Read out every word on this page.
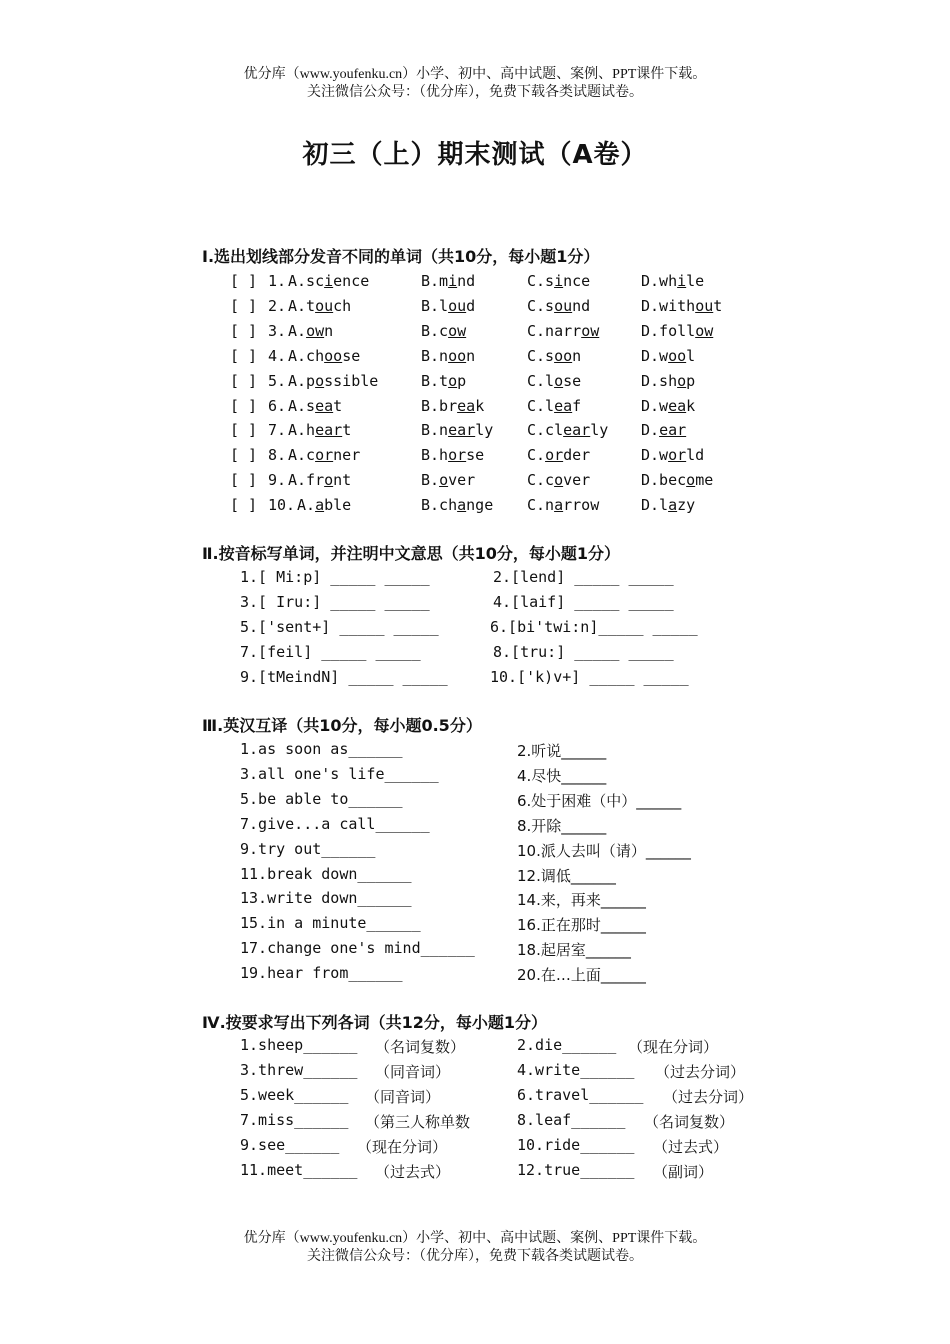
优分库（www.youfenku.cn）小学、初中、高中试题、案例、PPT课件下载。
关注微信公众号：（优分库），免费下载各类试题试卷。
初三（上）期末测试（A卷）
Ⅰ.选出划线部分发音不同的单词（共10分，每小题1分）
[ ] 1. A.science	B.mind	C.since	D.while
[ ] 2. A.touch	B.loud	C.sound	D.without
[ ] 3. A.own	B.cow	C.narrow	D.follow
[ ] 4. A.choose	B.noon	C.soon	D.wool
[ ] 5. A.possible	B.top	C.lose	D.shop
[ ] 6. A.seat	B.break	C.leaf	D.weak
[ ] 7. A.heart	B.nearly C.clearly D.ear
[ ] 8. A.corner	B.horse	C.order	D.world
[ ] 9. A.front	B.over	C.cover	D.become
[ ] 10. A.able	B.change C.narrow	D.lazy
Ⅱ.按音标写单词，并注明中文意思（共10分，每小题1分）
1.[ Mi:p] _____ _____	2.[lend] _____ _____
3.[ Iru:] _____ _____	4.[laif] _____ _____
5.['sent+] _____ _____	6.[bi'twi:n]_____ _____
7.[feil] _____ _____	8.[tru:] _____ _____
9.[tMeindN] _____ _____	10.['k)v+] _____ _____
Ⅲ.英汉互译（共10分，每小题0.5分）
1.as soon as______	2.听说______
3.all one's life______	4.尽快______
5.be able to______	6.处于困难（中）______
7.give...a call______	8.开除______
9.try out______	10.派人去叫（请）______
11.break down______	12.调低______
13.write down______	14.来，再来______
15.in a minute______	16.正在那时______
17.change one's mind______	18.起居室______
19.hear from______	20.在…上面______
Ⅳ.按要求写出下列各词（共12分，每小题1分）
1.sheep______ （名词复数）	2.die______ （现在分词）
3.threw______ （同音词）	4.write______ （过去分词）
5.week______ （同音词）	6.travel______ （过去分词）
7.miss______ （第三人称单数	8.leaf______ （名词复数）
9.see______ （现在分词）	10.ride______ （过去式）
11.meet______ （过去式）	12.true______ （副词）
优分库（www.youfenku.cn）小学、初中、高中试题、案例、PPT课件下载。
关注微信公众号：（优分库），免费下载各类试题试卷。
